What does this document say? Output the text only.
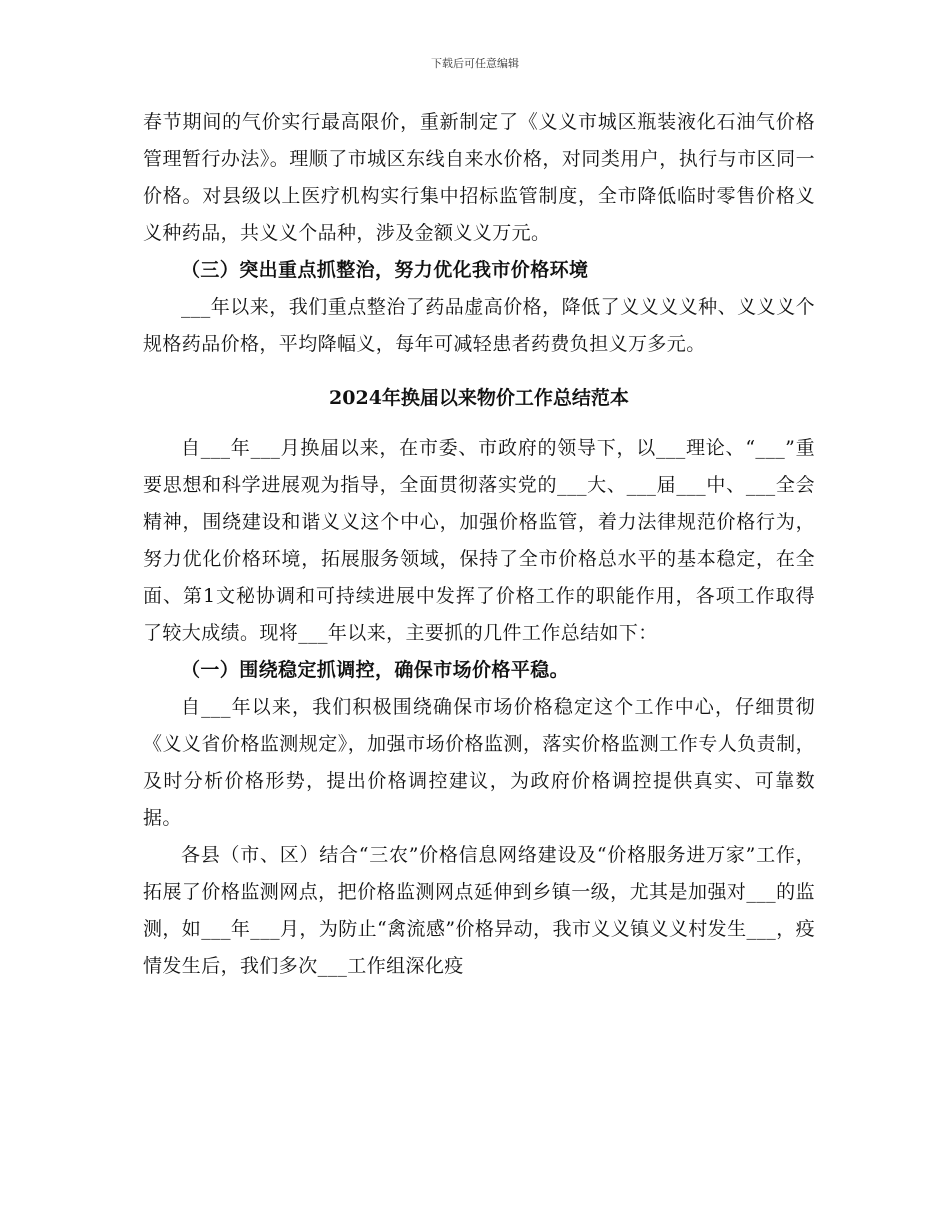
下载后可任意编辑

春节期间的气价实行最高限价，重新制定了《义义市城区瓶装液化石油气价格管理暂行办法》。理顺了市城区东线自来水价格，对同类用户，执行与市区同一价格。对县级以上医疗机构实行集中招标监管制度，全市降低临时零售价格义义种药品，共义义个品种，涉及金额义义万元。

（三）突出重点抓整治，努力优化我市价格环境

___年以来，我们重点整治了药品虚高价格，降低了义义义义种、义义义个规格药品价格，平均降幅义，每年可减轻患者药费负担义万多元。

2024年换届以来物价工作总结范本

自___年___月换届以来，在市委、市政府的领导下，以___理论、“___”重要思想和科学进展观为指导，全面贯彻落实党的___大、___届___中、___全会精神，围绕建设和谐义义这个中心，加强价格监管，着力法律规范价格行为，努力优化价格环境，拓展服务领域，保持了全市价格总水平的基本稳定，在全面、第1文秘协调和可持续进展中发挥了价格工作的职能作用，各项工作取得了较大成绩。现将___年以来，主要抓的几件工作总结如下：

（一）围绕稳定抓调控，确保市场价格平稳。

自___年以来，我们积极围绕确保市场价格稳定这个工作中心，仔细贯彻《义义省价格监测规定》，加强市场价格监测，落实价格监测工作专人负责制，及时分析价格形势，提出价格调控建议，为政府价格调控提供真实、可靠数据。

各县（市、区）结合“三农”价格信息网络建设及“价格服务进万家”工作，拓展了价格监测网点，把价格监测网点延伸到乡镇一级，尤其是加强对___的监测，如___年___月，为防止“禽流感”价格异动，我市义义镇义义村发生___，疫情发生后，我们多次___工作组深化疫
